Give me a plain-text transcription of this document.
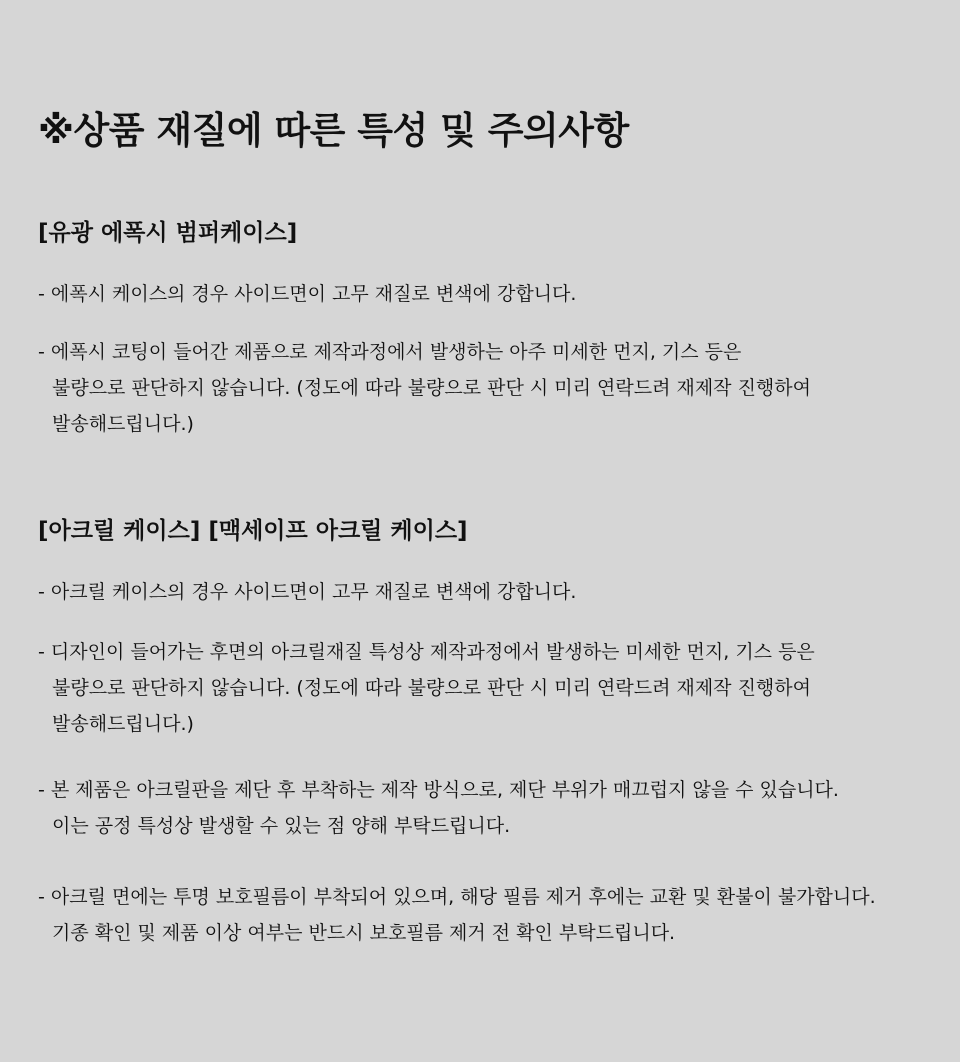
※상품 재질에 따른 특성 및 주의사항
[유광 에폭시 범퍼케이스]
- 에폭시 케이스의 경우 사이드면이 고무 재질로 변색에 강합니다.
- 에폭시 코팅이 들어간 제품으로 제작과정에서 발생하는 아주 미세한 먼지, 기스 등은
불량으로 판단하지 않습니다. (정도에 따라 불량으로 판단 시 미리 연락드려 재제작 진행하여
발송해드립니다.)
[아크릴 케이스] [맥세이프 아크릴 케이스]
- 아크릴 케이스의 경우 사이드면이 고무 재질로 변색에 강합니다.
- 디자인이 들어가는 후면의 아크릴재질 특성상 제작과정에서 발생하는 미세한 먼지, 기스 등은
불량으로 판단하지 않습니다. (정도에 따라 불량으로 판단 시 미리 연락드려 재제작 진행하여
발송해드립니다.)
- 본 제품은 아크릴판을 제단 후 부착하는 제작 방식으로, 제단 부위가 매끄럽지 않을 수 있습니다.
이는 공정 특성상 발생할 수 있는 점 양해 부탁드립니다.
- 아크릴 면에는 투명 보호필름이 부착되어 있으며, 해당 필름 제거 후에는 교환 및 환불이 불가합니다.
기종 확인 및 제품 이상 여부는 반드시 보호필름 제거 전 확인 부탁드립니다.
